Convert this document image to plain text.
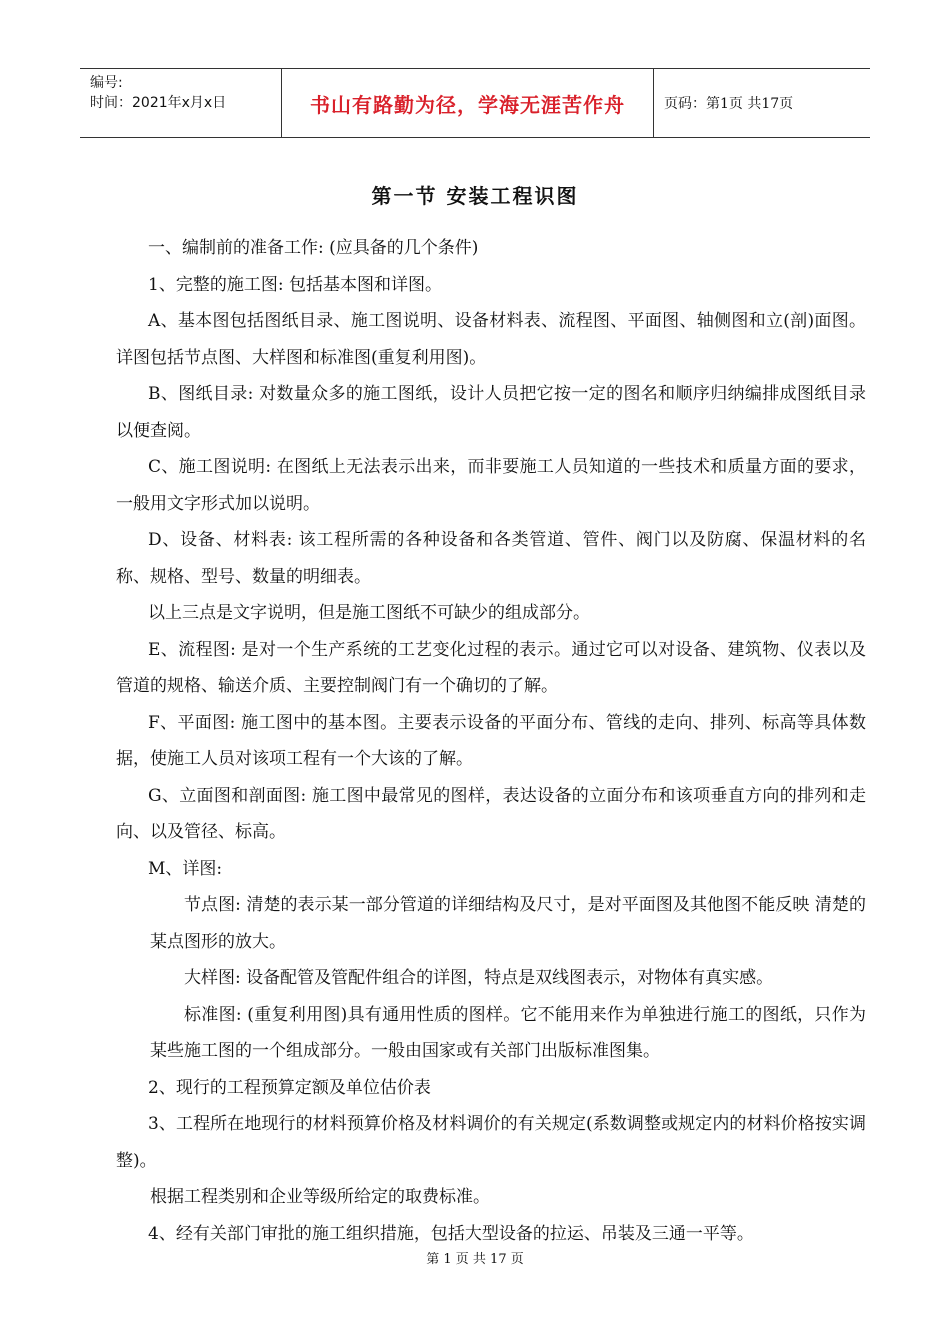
编号:
时间：2021年x月x日	书山有路勤为径，学海无涯苦作舟	页码：第1页 共17页
第一节 安装工程识图

一、编制前的准备工作: (应具备的几个条件)

1、完整的施工图: 包括基本图和详图。

A、基本图包括图纸目录、施工图说明、设备材料表、流程图、平面图、轴侧图和立(剖)面图。 详图包括节点图、大样图和标准图(重复利用图)。

B、图纸目录: 对数量众多的施工图纸，设计人员把它按一定的图名和顺序归纳编排成图纸目录以便查阅。

C、施工图说明: 在图纸上无法表示出来，而非要施工人员知道的一些技术和质量方面的要求，一般用文字形式加以说明。

D、设备、材料表: 该工程所需的各种设备和各类管道、管件、阀门以及防腐、保温材料的名称、规格、型号、数量的明细表。

以上三点是文字说明，但是施工图纸不可缺少的组成部分。

E、流程图: 是对一个生产系统的工艺变化过程的表示。通过它可以对设备、建筑物、仪表以及管道的规格、输送介质、主要控制阀门有一个确切的了解。

F、平面图: 施工图中的基本图。主要表示设备的平面分布、管线的走向、排列、标高等具体数据，使施工人员对该项工程有一个大该的了解。

G、立面图和剖面图: 施工图中最常见的图样，表达设备的立面分布和该项垂直方向的排列和走向、以及管径、标高。

M、详图:

节点图: 清楚的表示某一部分管道的详细结构及尺寸，是对平面图及其他图不能反映 清楚的某点图形的放大。

大样图: 设备配管及管配件组合的详图，特点是双线图表示，对物体有真实感。

标准图: (重复利用图)具有通用性质的图样。它不能用来作为单独进行施工的图纸，只作为某些施工图的一个组成部分。一般由国家或有关部门出版标准图集。

2、现行的工程预算定额及单位估价表

3、工程所在地现行的材料预算价格及材料调价的有关规定(系数调整或规定内的材料价格按实调整)。

根据工程类别和企业等级所给定的取费标准。

4、经有关部门审批的施工组织措施，包括大型设备的拉运、吊装及三通一平等。

第 1 页 共 17 页
